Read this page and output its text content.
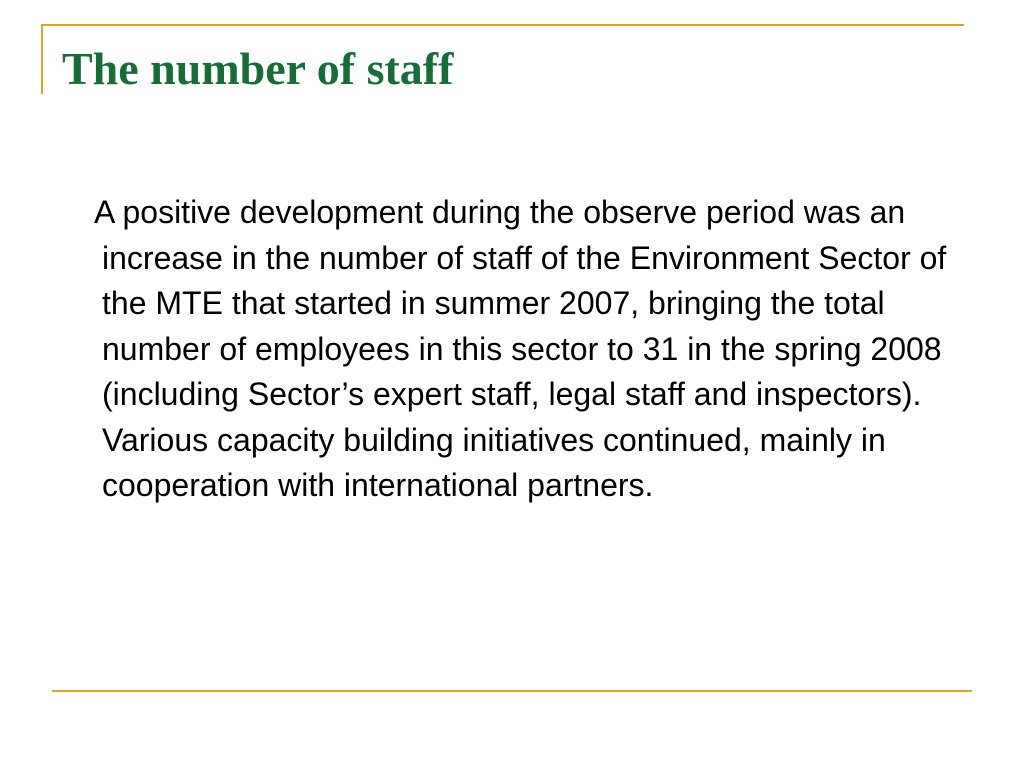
The number of staff

A positive development during the observe period was an increase in the number of staff of the Environment Sector of the MTE that started in summer 2007, bringing the total number of employees in this sector to 31 in the spring 2008 (including Sector’s expert staff, legal staff and inspectors). Various capacity building initiatives continued, mainly in cooperation with international partners.
